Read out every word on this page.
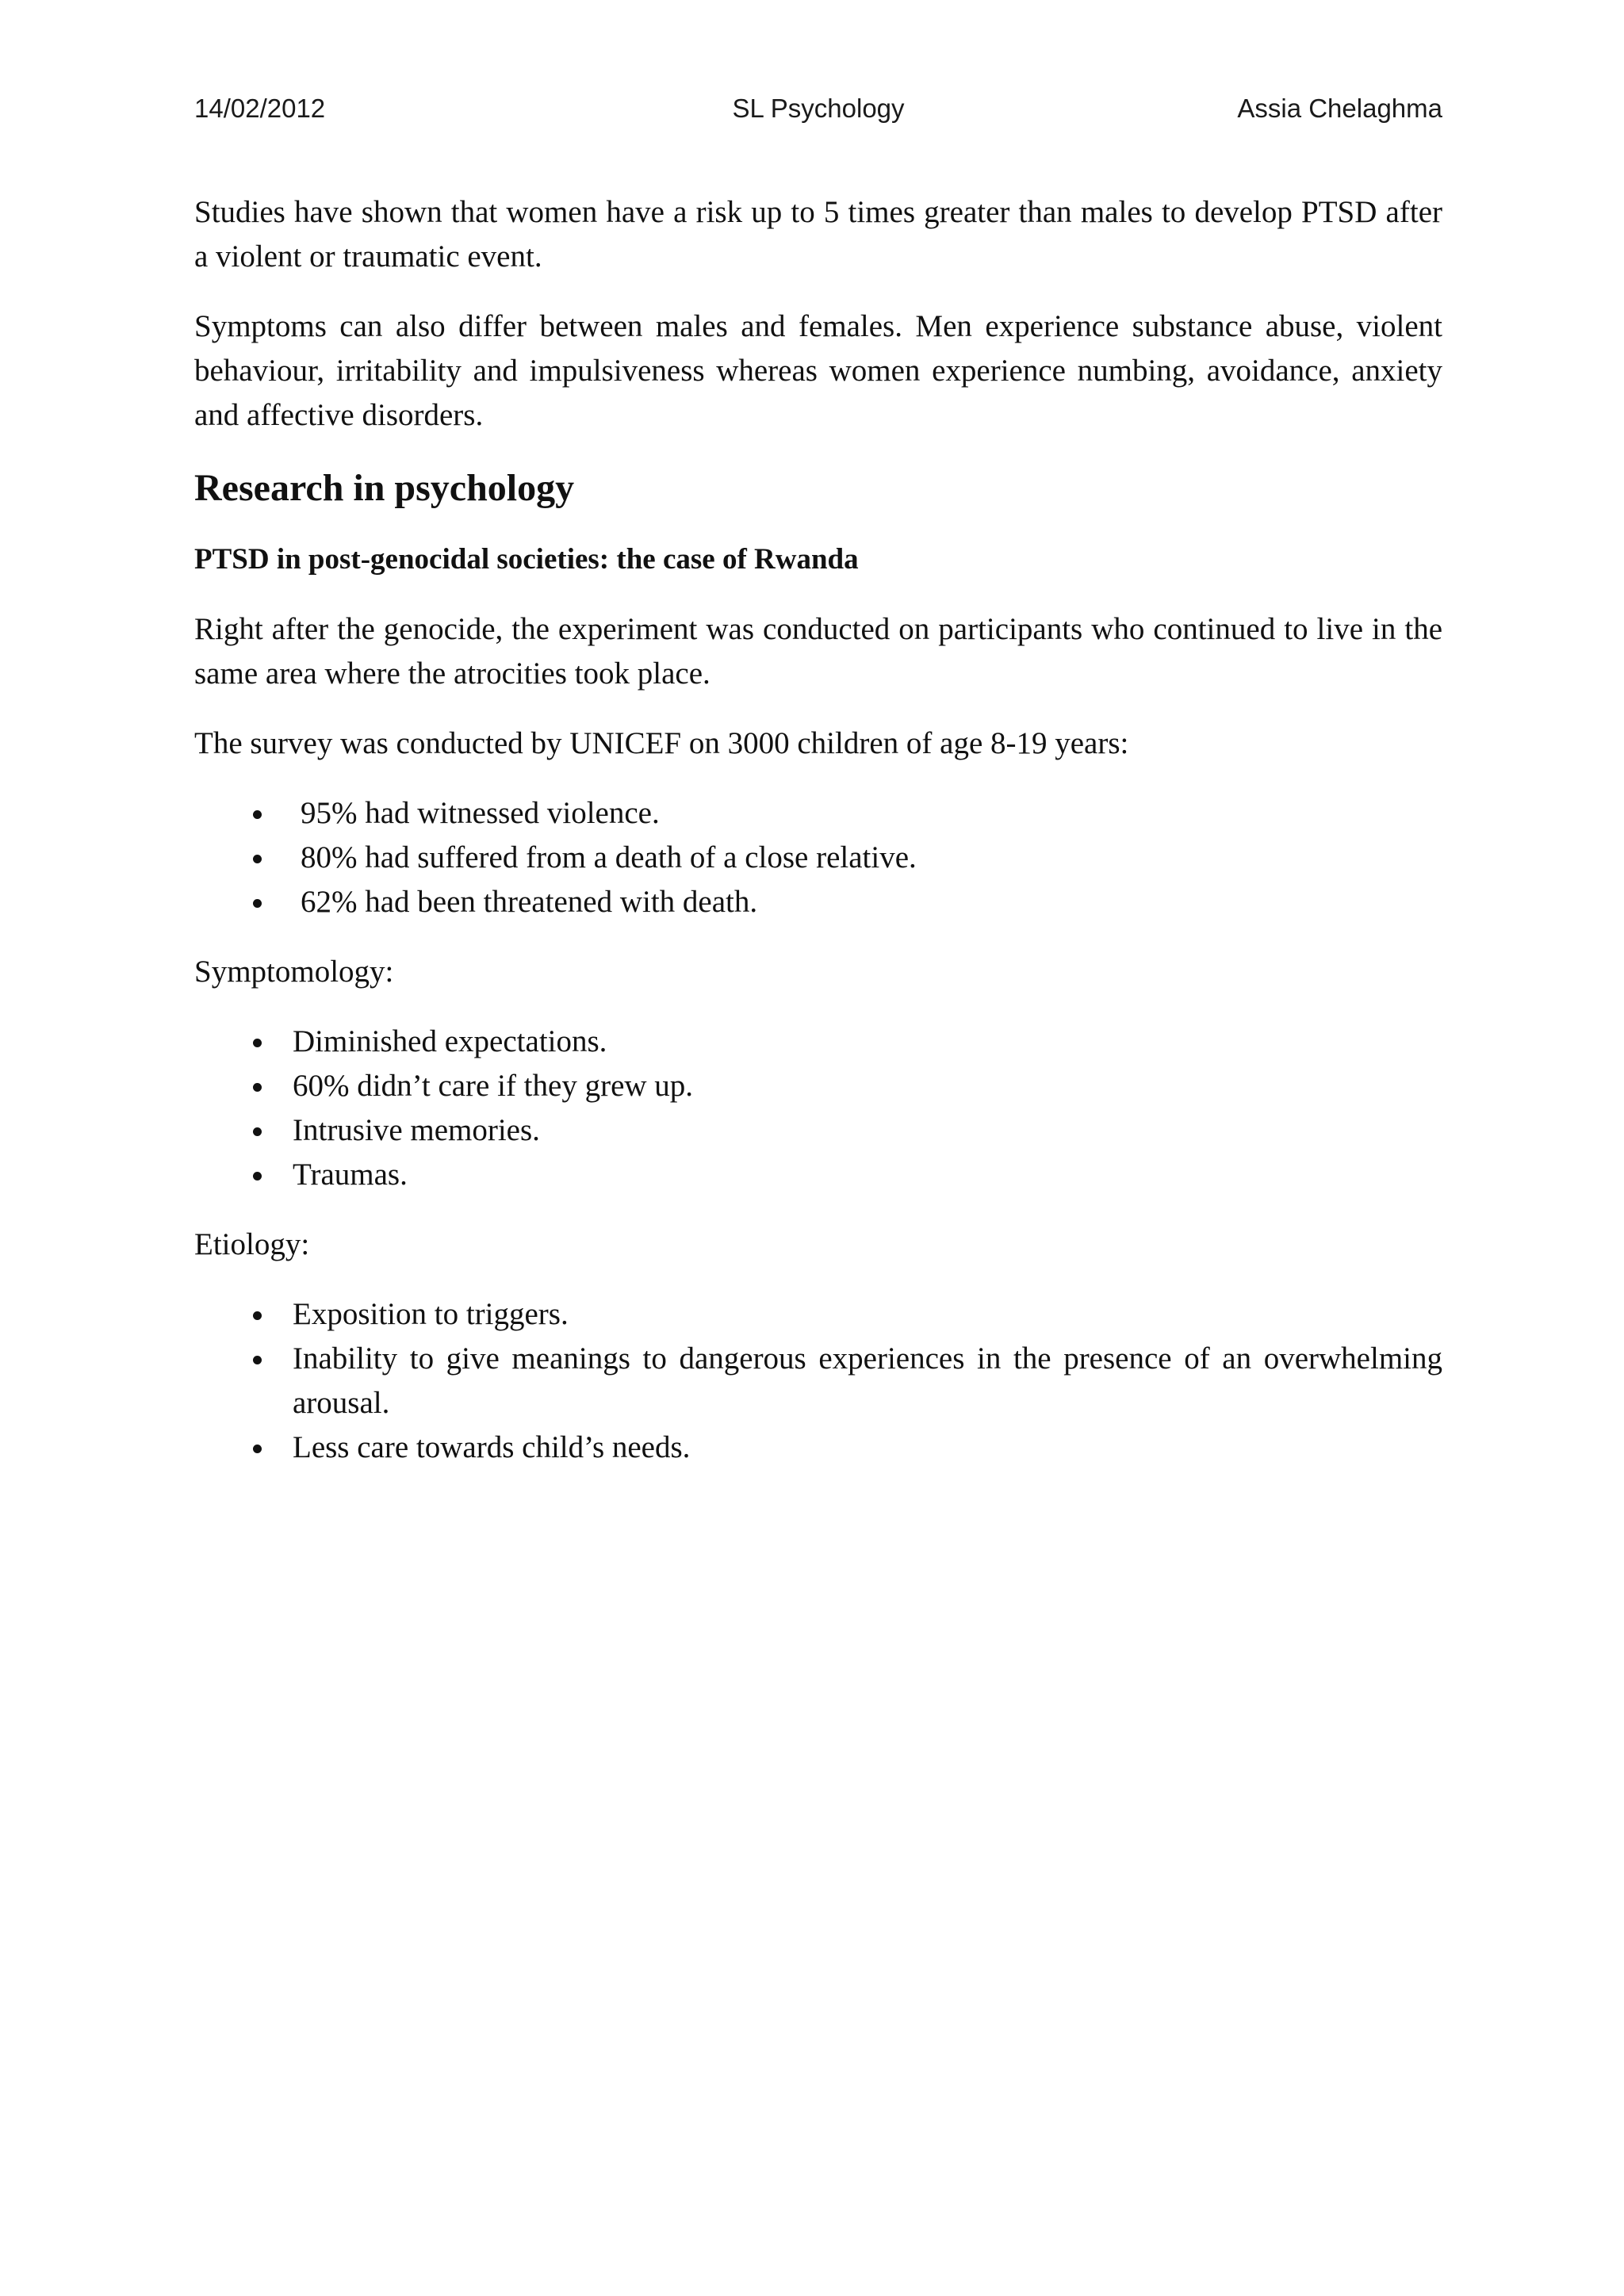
14/02/2012	SL Psychology	Assia Chelaghma

Studies have shown that women have a risk up to 5 times greater than males to develop PTSD after a violent or traumatic event.

Symptoms can also differ between males and females. Men experience substance abuse, violent behaviour, irritability and impulsiveness whereas women experience numbing, avoidance, anxiety and affective disorders.

Research in psychology
PTSD in post-genocidal societies: the case of Rwanda

Right after the genocide, the experiment was conducted on participants who continued to live in the same area where the atrocities took place.

The survey was conducted by UNICEF on 3000 children of age 8-19 years:

95% had witnessed violence.
80% had suffered from a death of a close relative.
62% had been threatened with death.

Symptomology:

Diminished expectations.
60% didn’t care if they grew up.
Intrusive memories.
Traumas.

Etiology:

Exposition to triggers.
Inability to give meanings to dangerous experiences in the presence of an overwhelming arousal.
Less care towards child’s needs.
